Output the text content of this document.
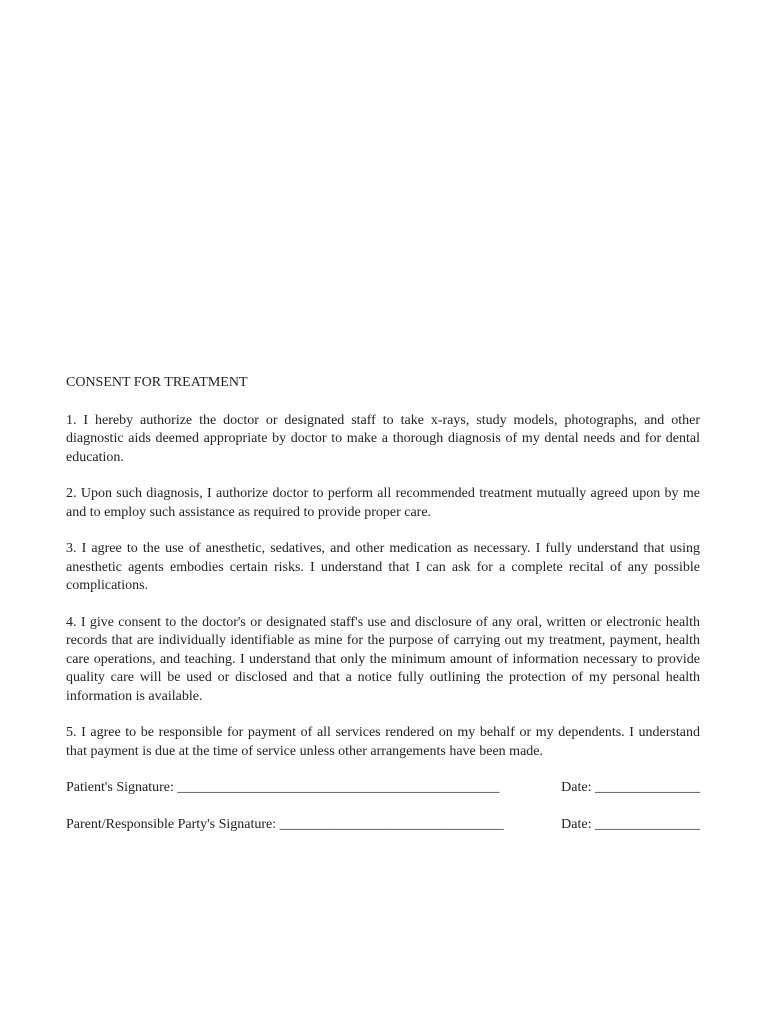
CONSENT FOR TREATMENT

1. I hereby authorize the doctor or designated staff to take x-rays, study models, photographs, and other diagnostic aids deemed appropriate by doctor to make a thorough diagnosis of my dental needs and for dental education.

2. Upon such diagnosis, I authorize doctor to perform all recommended treatment mutually agreed upon by me and to employ such assistance as required to provide proper care.

3. I agree to the use of anesthetic, sedatives, and other medication as necessary. I fully understand that using anesthetic agents embodies certain risks. I understand that I can ask for a complete recital of any possible complications.

4. I give consent to the doctor's or designated staff's use and disclosure of any oral, written or electronic health records that are individually identifiable as mine for the purpose of carrying out my treatment, payment, health care operations, and teaching. I understand that only the minimum amount of information necessary to provide quality care will be used or disclosed and that a notice fully outlining the protection of my personal health information is available.

5. I agree to be responsible for payment of all services rendered on my behalf or my dependents. I understand that payment is due at the time of service unless other arrangements have been made.

Patient's Signature: ______________________________________________	Date: _______________
Parent/Responsible Party's Signature: ________________________________	Date: _______________
